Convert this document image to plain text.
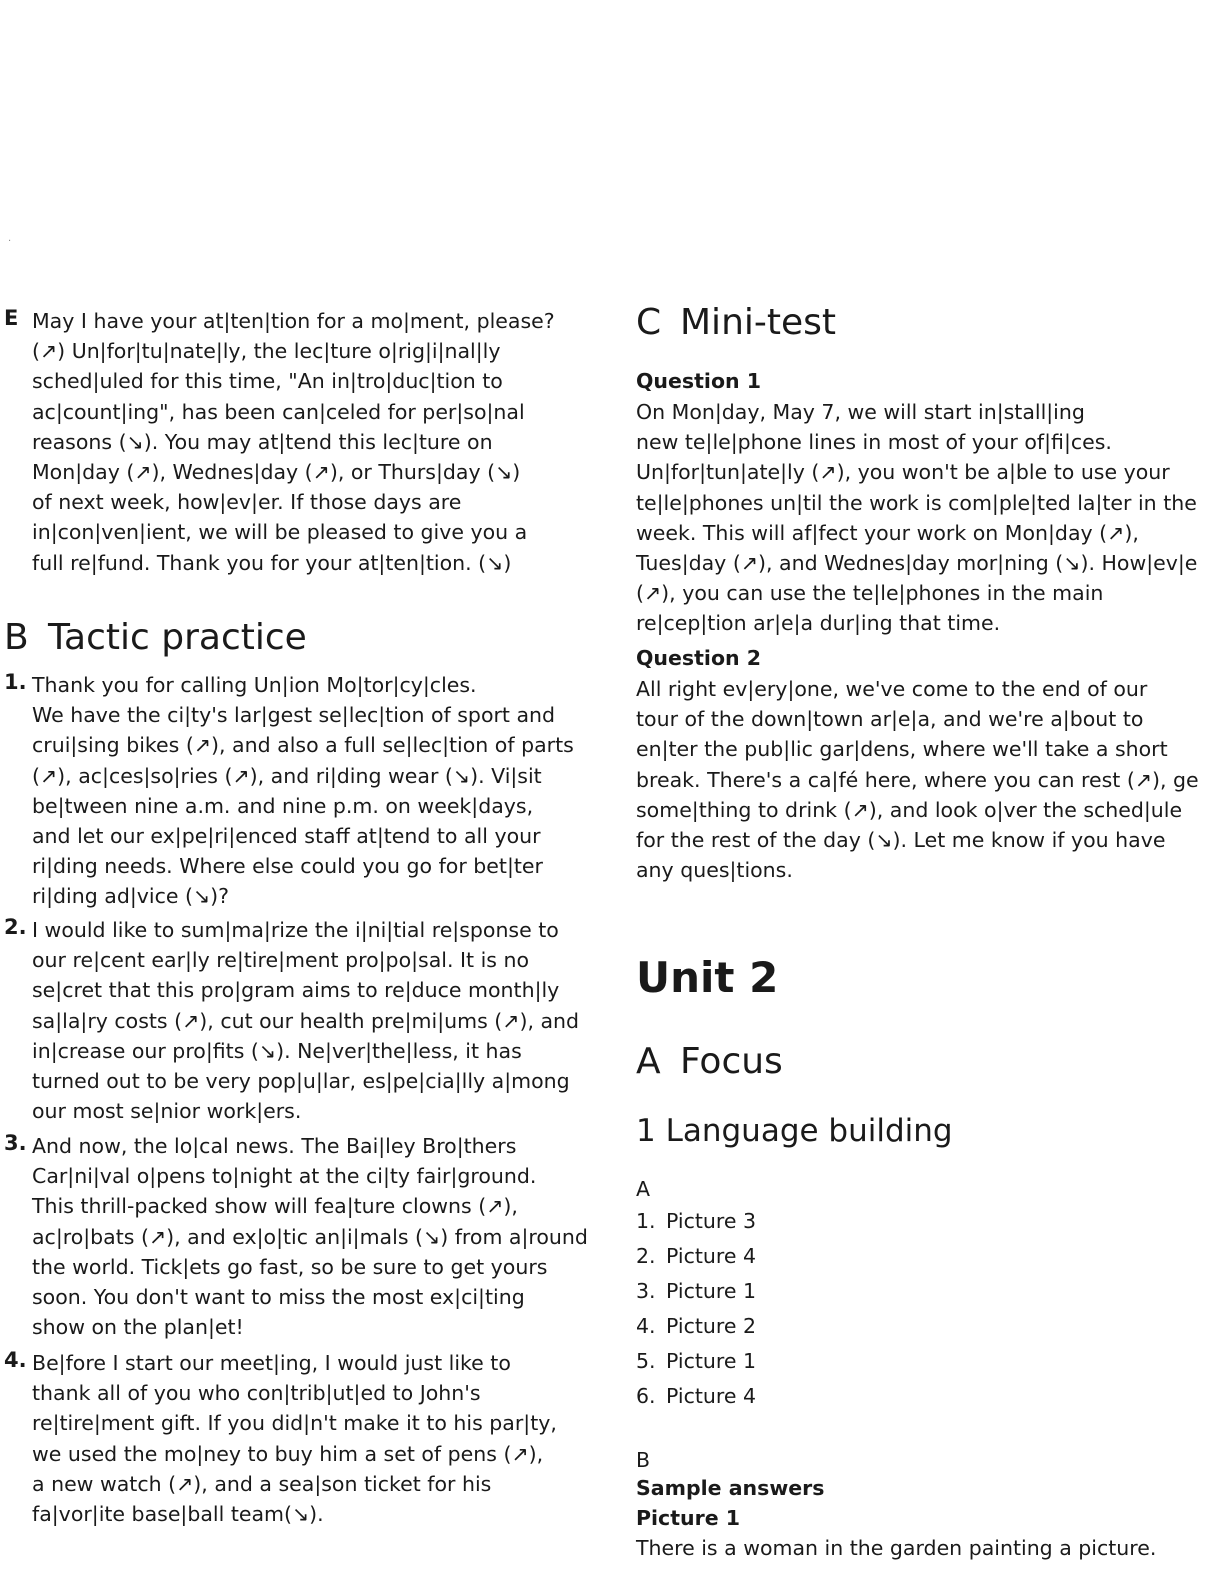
·
E May I have your at|ten|tion for a mo|ment, please?
(↗) Un|for|tu|nate|ly, the lec|ture o|rig|i|nal|ly
sched|uled for this time, "An in|tro|duc|tion to
ac|count|ing", has been can|celed for per|so|nal
reasons (↘). You may at|tend this lec|ture on
Mon|day (↗), Wednes|day (↗), or Thurs|day (↘)
of next week, how|ev|er. If those days are
in|con|ven|ient, we will be pleased to give you a
full re|fund. Thank you for your at|ten|tion. (↘)
B Tactic practice
1. Thank you for calling Un|ion Mo|tor|cy|cles.
We have the ci|ty's lar|gest se|lec|tion of sport and
crui|sing bikes (↗), and also a full se|lec|tion of parts
(↗), ac|ces|so|ries (↗), and ri|ding wear (↘). Vi|sit
be|tween nine a.m. and nine p.m. on week|days,
and let our ex|pe|ri|enced staff at|tend to all your
ri|ding needs. Where else could you go for bet|ter
ri|ding ad|vice (↘)?
2. I would like to sum|ma|rize the i|ni|tial re|sponse to
our re|cent ear|ly re|tire|ment pro|po|sal. It is no
se|cret that this pro|gram aims to re|duce month|ly
sa|la|ry costs (↗), cut our health pre|mi|ums (↗), and
in|crease our pro|fits (↘). Ne|ver|the|less, it has
turned out to be very pop|u|lar, es|pe|cia|lly a|mong
our most se|nior work|ers.
3. And now, the lo|cal news. The Bai|ley Bro|thers
Car|ni|val o|pens to|night at the ci|ty fair|ground.
This thrill-packed show will fea|ture clowns (↗),
ac|ro|bats (↗), and ex|o|tic an|i|mals (↘) from a|round
the world. Tick|ets go fast, so be sure to get yours
soon. You don't want to miss the most ex|ci|ting
show on the plan|et!
4. Be|fore I start our meet|ing, I would just like to
thank all of you who con|trib|ut|ed to John's
re|tire|ment gift. If you did|n't make it to his par|ty,
we used the mo|ney to buy him a set of pens (↗),
a new watch (↗), and a sea|son ticket for his
fa|vor|ite base|ball team(↘).
C Mini-test
Question 1
On Mon|day, May 7, we will start in|stall|ing
new te|le|phone lines in most of your of|fi|ces.
Un|for|tun|ate|ly (↗), you won't be a|ble to use your
te|le|phones un|til the work is com|ple|ted la|ter in the
week. This will af|fect your work on Mon|day (↗),
Tues|day (↗), and Wednes|day mor|ning (↘). How|ev|e
(↗), you can use the te|le|phones in the main
re|cep|tion ar|e|a dur|ing that time.
Question 2
All right ev|ery|one, we've come to the end of our
tour of the down|town ar|e|a, and we're a|bout to
en|ter the pub|lic gar|dens, where we'll take a short
break. There's a ca|fé here, where you can rest (↗), ge
some|thing to drink (↗), and look o|ver the sched|ule
for the rest of the day (↘). Let me know if you have
any ques|tions.
Unit 2
A Focus
1 Language building
A
1. Picture 3
2. Picture 4
3. Picture 1
4. Picture 2
5. Picture 1
6. Picture 4
B
Sample answers
Picture 1
There is a woman in the garden painting a picture.
